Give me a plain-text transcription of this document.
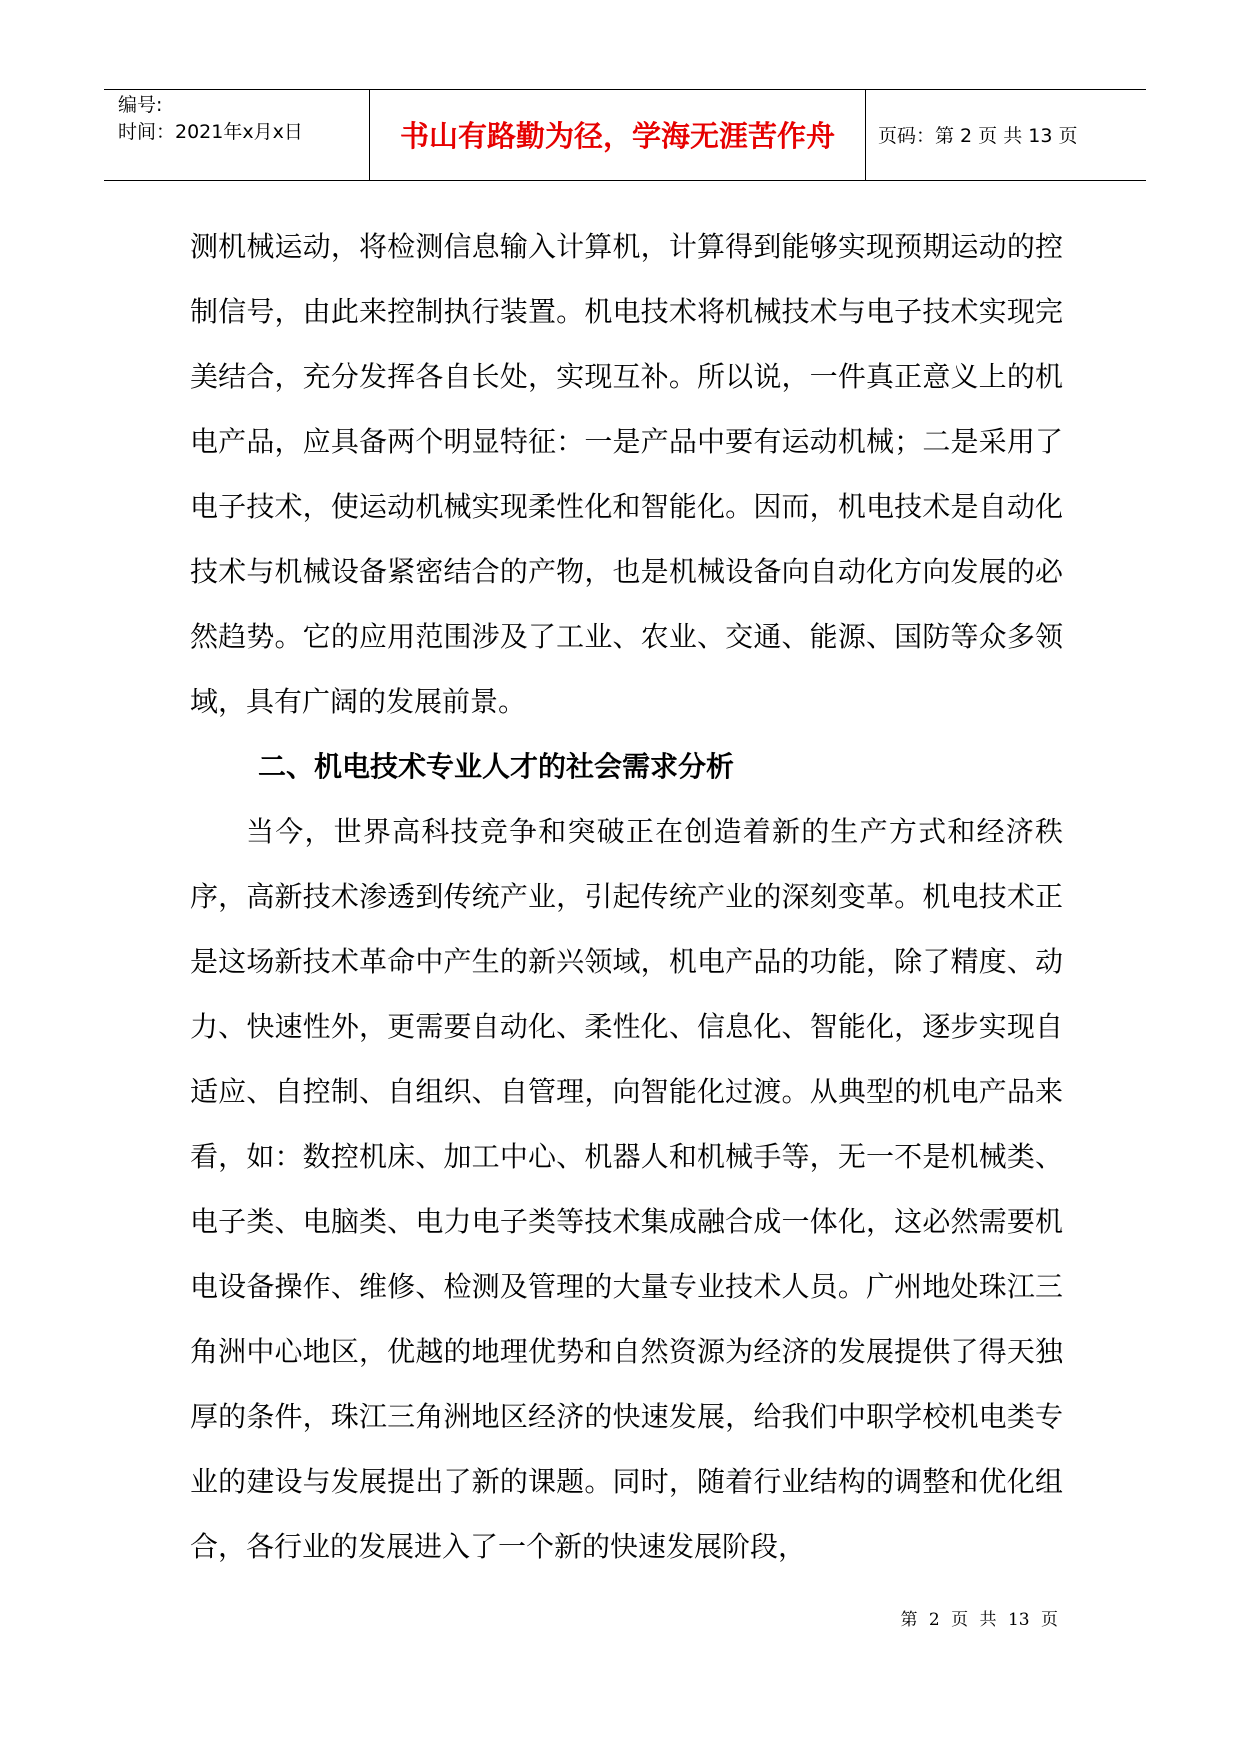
编号:
时间：2021年x月x日	书山有路勤为径，学海无涯苦作舟	页码：第 2 页 共 13 页

测机械运动，将检测信息输入计算机，计算得到能够实现预期运动的控制信号，由此来控制执行装置。机电技术将机械技术与电子技术实现完美结合，充分发挥各自长处，实现互补。所以说，一件真正意义上的机电产品，应具备两个明显特征：一是产品中要有运动机械；二是采用了电子技术，使运动机械实现柔性化和智能化。因而，机电技术是自动化技术与机械设备紧密结合的产物，也是机械设备向自动化方向发展的必然趋势。它的应用范围涉及了工业、农业、交通、能源、国防等众多领域，具有广阔的发展前景。

二、机电技术专业人才的社会需求分析

当今，世界高科技竞争和突破正在创造着新的生产方式和经济秩序，高新技术渗透到传统产业，引起传统产业的深刻变革。机电技术正是这场新技术革命中产生的新兴领域，机电产品的功能，除了精度、动力、快速性外，更需要自动化、柔性化、信息化、智能化，逐步实现自适应、自控制、自组织、自管理，向智能化过渡。从典型的机电产品来看，如：数控机床、加工中心、机器人和机械手等，无一不是机械类、电子类、电脑类、电力电子类等技术集成融合成一体化，这必然需要机电设备操作、维修、检测及管理的大量专业技术人员。广州地处珠江三角洲中心地区，优越的地理优势和自然资源为经济的发展提供了得天独厚的条件，珠江三角洲地区经济的快速发展，给我们中职学校机电类专业的建设与发展提出了新的课题。同时，随着行业结构的调整和优化组合，各行业的发展进入了一个新的快速发展阶段，

第 2 页 共 13 页
